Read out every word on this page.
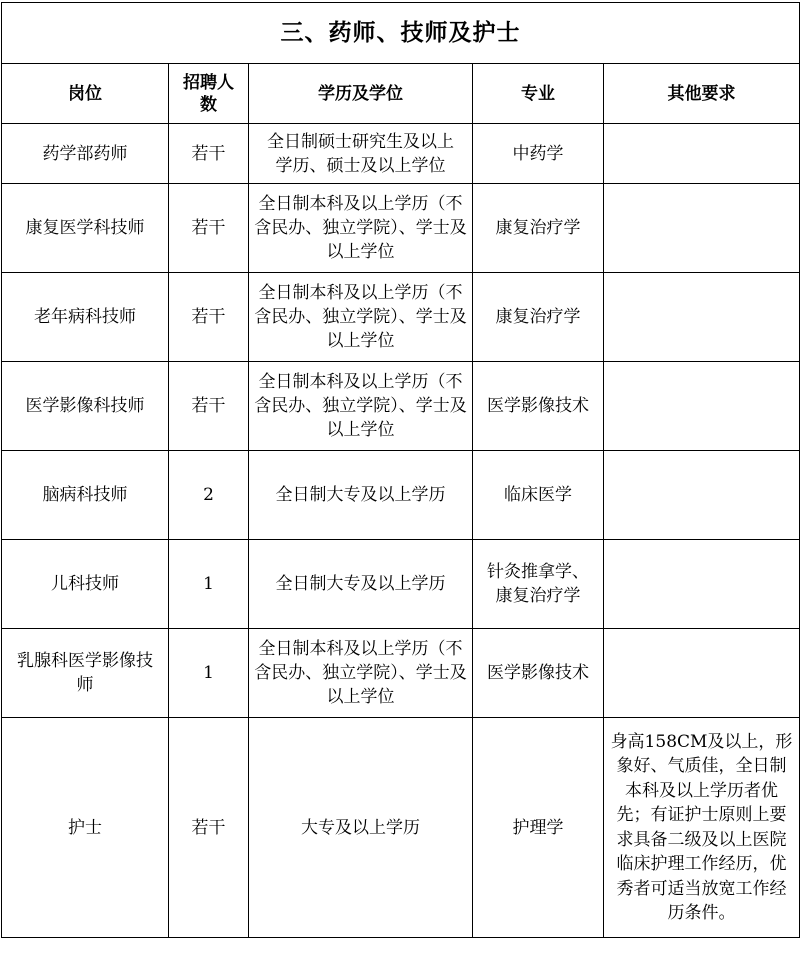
三、药师、技师及护士				
岗位	招聘人数	学历及学位	专业	其他要求
药学部药师	若干	全日制硕士研究生及以上学历、硕士及以上学位	中药学	
康复医学科技师	若干	全日制本科及以上学历（不含民办、独立学院）、学士及以上学位	康复治疗学	
老年病科技师	若干	全日制本科及以上学历（不含民办、独立学院）、学士及以上学位	康复治疗学	
医学影像科技师	若干	全日制本科及以上学历（不含民办、独立学院）、学士及以上学位	医学影像技术	
脑病科技师	2	全日制大专及以上学历	临床医学	
儿科技师	1	全日制大专及以上学历	针灸推拿学、康复治疗学	
乳腺科医学影像技师	1	全日制本科及以上学历（不含民办、独立学院）、学士及以上学位	医学影像技术	
护士	若干	大专及以上学历	护理学	身高158CM及以上，形象好、气质佳，全日制本科及以上学历者优先；有证护士原则上要求具备二级及以上医院临床护理工作经历，优秀者可适当放宽工作经历条件。
